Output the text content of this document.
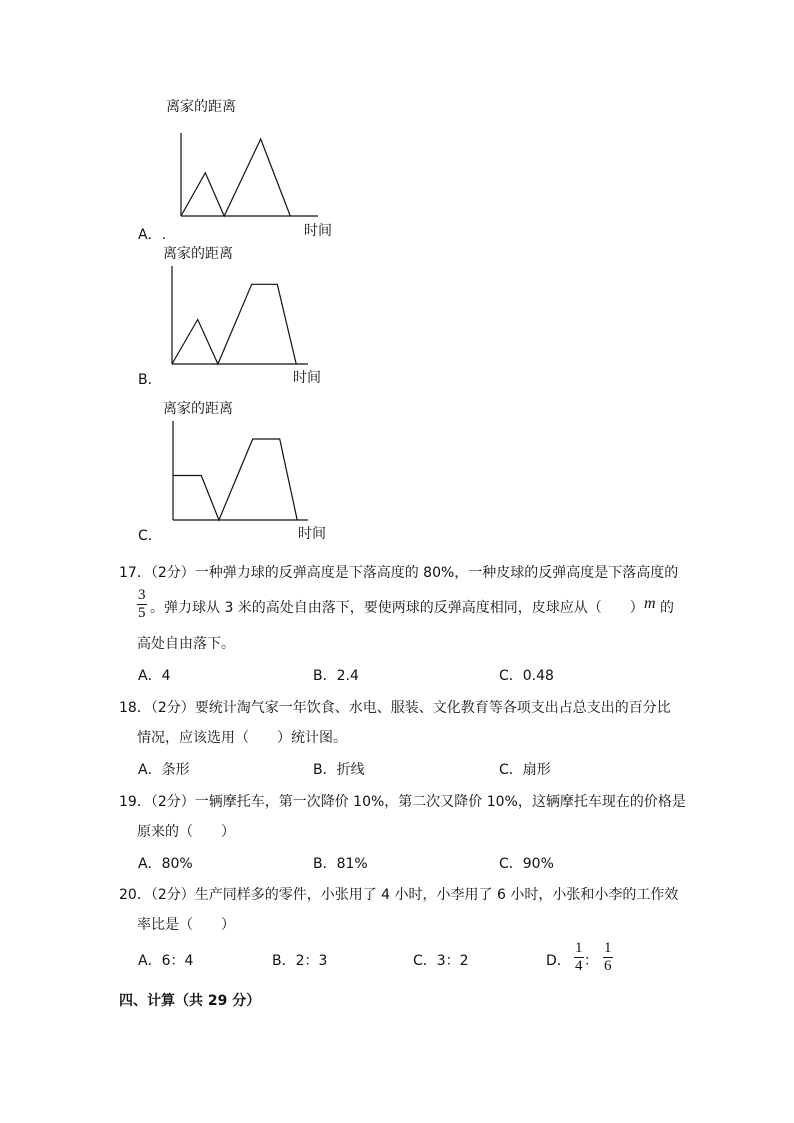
离家的距离
时间
A．.
离家的距离
时间
B．
离家的距离
时间
C．
17．（2分）一种弹力球的反弹高度是下落高度的 80%，一种皮球的反弹高度是下落高度的
$\frac{3}{5}$ 。弹力球从 3 米的高处自由落下，要使两球的反弹高度相同，皮球应从（　　） m 的
高处自由落下。
A．4	B．2.4	C．0.48
18．（2分）要统计淘气家一年饮食、水电、服装、文化教育等各项支出占总支出的百分比
情况，应该选用（　　）统计图。
A．条形	B．折线	C．扇形
19．（2分）一辆摩托车，第一次降价 10%，第二次又降价 10%，这辆摩托车现在的价格是
原来的（　　）
A．80%	B．81%	C．90%
20．（2分）生产同样多的零件，小张用了 4 小时，小李用了 6 小时，小张和小李的工作效
率比是（　　）
A．6：4	B．2：3	C．3：2	D． $\frac{1}{4}$ ： $\frac{1}{6}$
四、计算（共 29 分）
